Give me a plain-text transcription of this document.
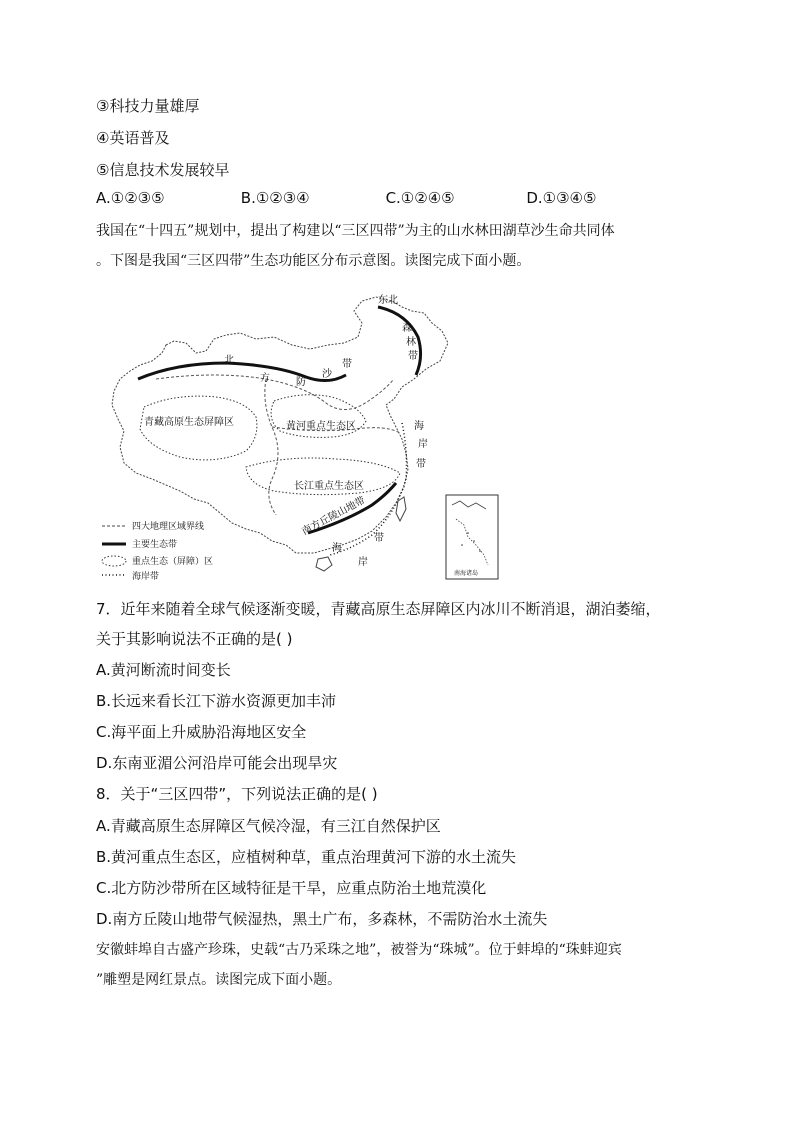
③科技力量雄厚
④英语普及
⑤信息技术发展较早
A.①②③⑤	B.①②③④	C.①②④⑤	D.①③④⑤
我国在“十四五”规划中，提出了构建以“三区四带”为主的山水林田湖草沙生命共同体
。下图是我国“三区四带”生态功能区分布示意图。读图完成下面小题。
东北
森
林
带
北
方	防
沙
带
青藏高原生态屏障区	黄河重点生态区
长江重点生态区
南方丘陵山地带
海
岸
带
带
海
岸
四大地理区域界线
主要生态带
重点生态（屏障）区
海岸带	南海诸岛
7．近年来随着全球气候逐渐变暖，青藏高原生态屏障区内冰川不断消退，湖泊萎缩，
关于其影响说法不正确的是( )
A.黄河断流时间变长
B.长远来看长江下游水资源更加丰沛
C.海平面上升威胁沿海地区安全
D.东南亚湄公河沿岸可能会出现旱灾
8．关于“三区四带”，下列说法正确的是( )
A.青藏高原生态屏障区气候冷湿，有三江自然保护区
B.黄河重点生态区，应植树种草，重点治理黄河下游的水土流失
C.北方防沙带所在区域特征是干旱，应重点防治土地荒漠化
D.南方丘陵山地带气候湿热，黑土广布，多森林，不需防治水土流失
安徽蚌埠自古盛产珍珠，史载“古乃采珠之地”，被誉为“珠城”。位于蚌埠的“珠蚌迎宾
”雕塑是网红景点。读图完成下面小题。
